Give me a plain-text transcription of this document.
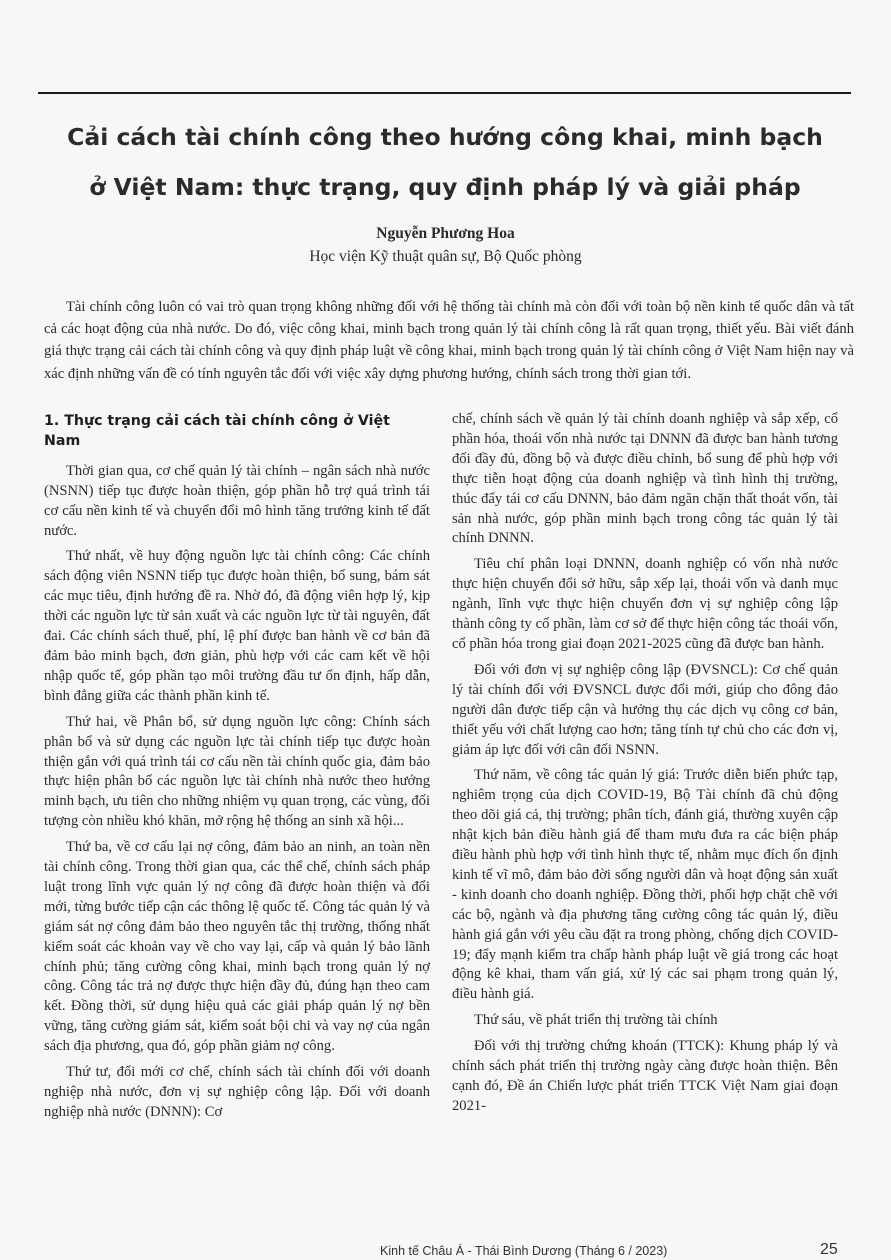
Cải cách tài chính công theo hướng công khai, minh bạch
ở Việt Nam: thực trạng, quy định pháp lý và giải pháp
Nguyễn Phương Hoa
Học viện Kỹ thuật quân sự, Bộ Quốc phòng

Tài chính công luôn có vai trò quan trọng không những đối với hệ thống tài chính mà còn đối với toàn bộ nền kinh tế quốc dân và tất cả các hoạt động của nhà nước. Do đó, việc công khai, minh bạch trong quản lý tài chính công là rất quan trọng, thiết yếu. Bài viết đánh giá thực trạng cải cách tài chính công và quy định pháp luật về công khai, minh bạch trong quản lý tài chính công ở Việt Nam hiện nay và xác định những vấn đề có tính nguyên tắc đối với việc xây dựng phương hướng, chính sách trong thời gian tới.

1. Thực trạng cải cách tài chính công ở Việt Nam

Thời gian qua, cơ chế quản lý tài chính – ngân sách nhà nước (NSNN) tiếp tục được hoàn thiện, góp phần hỗ trợ quá trình tái cơ cấu nền kinh tế và chuyển đổi mô hình tăng trưởng kinh tế đất nước.

Thứ nhất, về huy động nguồn lực tài chính công: Các chính sách động viên NSNN tiếp tục được hoàn thiện, bổ sung, bám sát các mục tiêu, định hướng đề ra. Nhờ đó, đã động viên hợp lý, kịp thời các nguồn lực từ sản xuất và các nguồn lực từ tài nguyên, đất đai. Các chính sách thuế, phí, lệ phí được ban hành về cơ bản đã đảm bảo minh bạch, đơn giản, phù hợp với các cam kết về hội nhập quốc tế, góp phần tạo môi trường đầu tư ổn định, hấp dẫn, bình đẳng giữa các thành phần kinh tế.

Thứ hai, về Phân bổ, sử dụng nguồn lực công: Chính sách phân bổ và sử dụng các nguồn lực tài chính tiếp tục được hoàn thiện gắn với quá trình tái cơ cấu nền tài chính quốc gia, đảm bảo thực hiện phân bổ các nguồn lực tài chính nhà nước theo hướng minh bạch, ưu tiên cho những nhiệm vụ quan trọng, các vùng, đối tượng còn nhiều khó khăn, mở rộng hệ thống an sinh xã hội...

Thứ ba, về cơ cấu lại nợ công, đảm bảo an ninh, an toàn nền tài chính công. Trong thời gian qua, các thể chế, chính sách pháp luật trong lĩnh vực quản lý nợ công đã được hoàn thiện và đổi mới, từng bước tiếp cận các thông lệ quốc tế. Công tác quản lý và giám sát nợ công đảm bảo theo nguyên tắc thị trường, thống nhất kiểm soát các khoản vay về cho vay lại, cấp và quản lý bảo lãnh chính phủ; tăng cường công khai, minh bạch trong quản lý nợ công. Công tác trả nợ được thực hiện đầy đủ, đúng hạn theo cam kết. Đồng thời, sử dụng hiệu quả các giải pháp quản lý nợ bền vững, tăng cường giám sát, kiểm soát bội chi và vay nợ của ngân sách địa phương, qua đó, góp phần giảm nợ công.

Thứ tư, đổi mới cơ chế, chính sách tài chính đối với doanh nghiệp nhà nước, đơn vị sự nghiệp công lập. Đối với doanh nghiệp nhà nước (DNNN): Cơ

chế, chính sách về quản lý tài chính doanh nghiệp và sắp xếp, cổ phần hóa, thoái vốn nhà nước tại DNNN đã được ban hành tương đối đầy đủ, đồng bộ và được điều chỉnh, bổ sung để phù hợp với thực tiễn hoạt động của doanh nghiệp và tình hình thị trường, thúc đẩy tái cơ cấu DNNN, bảo đảm ngăn chặn thất thoát vốn, tài sản nhà nước, góp phần minh bạch trong công tác quản lý tài chính DNNN.

Tiêu chí phân loại DNNN, doanh nghiệp có vốn nhà nước thực hiện chuyển đổi sở hữu, sắp xếp lại, thoái vốn và danh mục ngành, lĩnh vực thực hiện chuyển đơn vị sự nghiệp công lập thành công ty cổ phần, làm cơ sở để thực hiện công tác thoái vốn, cổ phần hóa trong giai đoạn 2021-2025 cũng đã được ban hành.

Đối với đơn vị sự nghiệp công lập (ĐVSNCL): Cơ chế quản lý tài chính đối với ĐVSNCL được đổi mới, giúp cho đông đảo người dân được tiếp cận và hưởng thụ các dịch vụ công cơ bản, thiết yếu với chất lượng cao hơn; tăng tính tự chủ cho các đơn vị, giảm áp lực đối với cân đối NSNN.

Thứ năm, về công tác quản lý giá: Trước diễn biến phức tạp, nghiêm trọng của dịch COVID-19, Bộ Tài chính đã chủ động theo dõi giá cả, thị trường; phân tích, đánh giá, thường xuyên cập nhật kịch bản điều hành giá để tham mưu đưa ra các biện pháp điều hành phù hợp với tình hình thực tế, nhằm mục đích ổn định kinh tế vĩ mô, đảm bảo đời sống người dân và hoạt động sản xuất - kinh doanh cho doanh nghiệp. Đồng thời, phối hợp chặt chẽ với các bộ, ngành và địa phương tăng cường công tác quản lý, điều hành giá gắn với yêu cầu đặt ra trong phòng, chống dịch COVID-19; đẩy mạnh kiểm tra chấp hành pháp luật về giá trong các hoạt động kê khai, tham vấn giá, xử lý các sai phạm trong quản lý, điều hành giá.

Thứ sáu, về phát triển thị trường tài chính

Đối với thị trường chứng khoán (TTCK): Khung pháp lý và chính sách phát triển thị trường ngày càng được hoàn thiện. Bên cạnh đó, Đề án Chiến lược phát triển TTCK Việt Nam giai đoạn 2021-

Kinh tế Châu Á - Thái Bình Dương (Tháng 6 / 2023)	25
